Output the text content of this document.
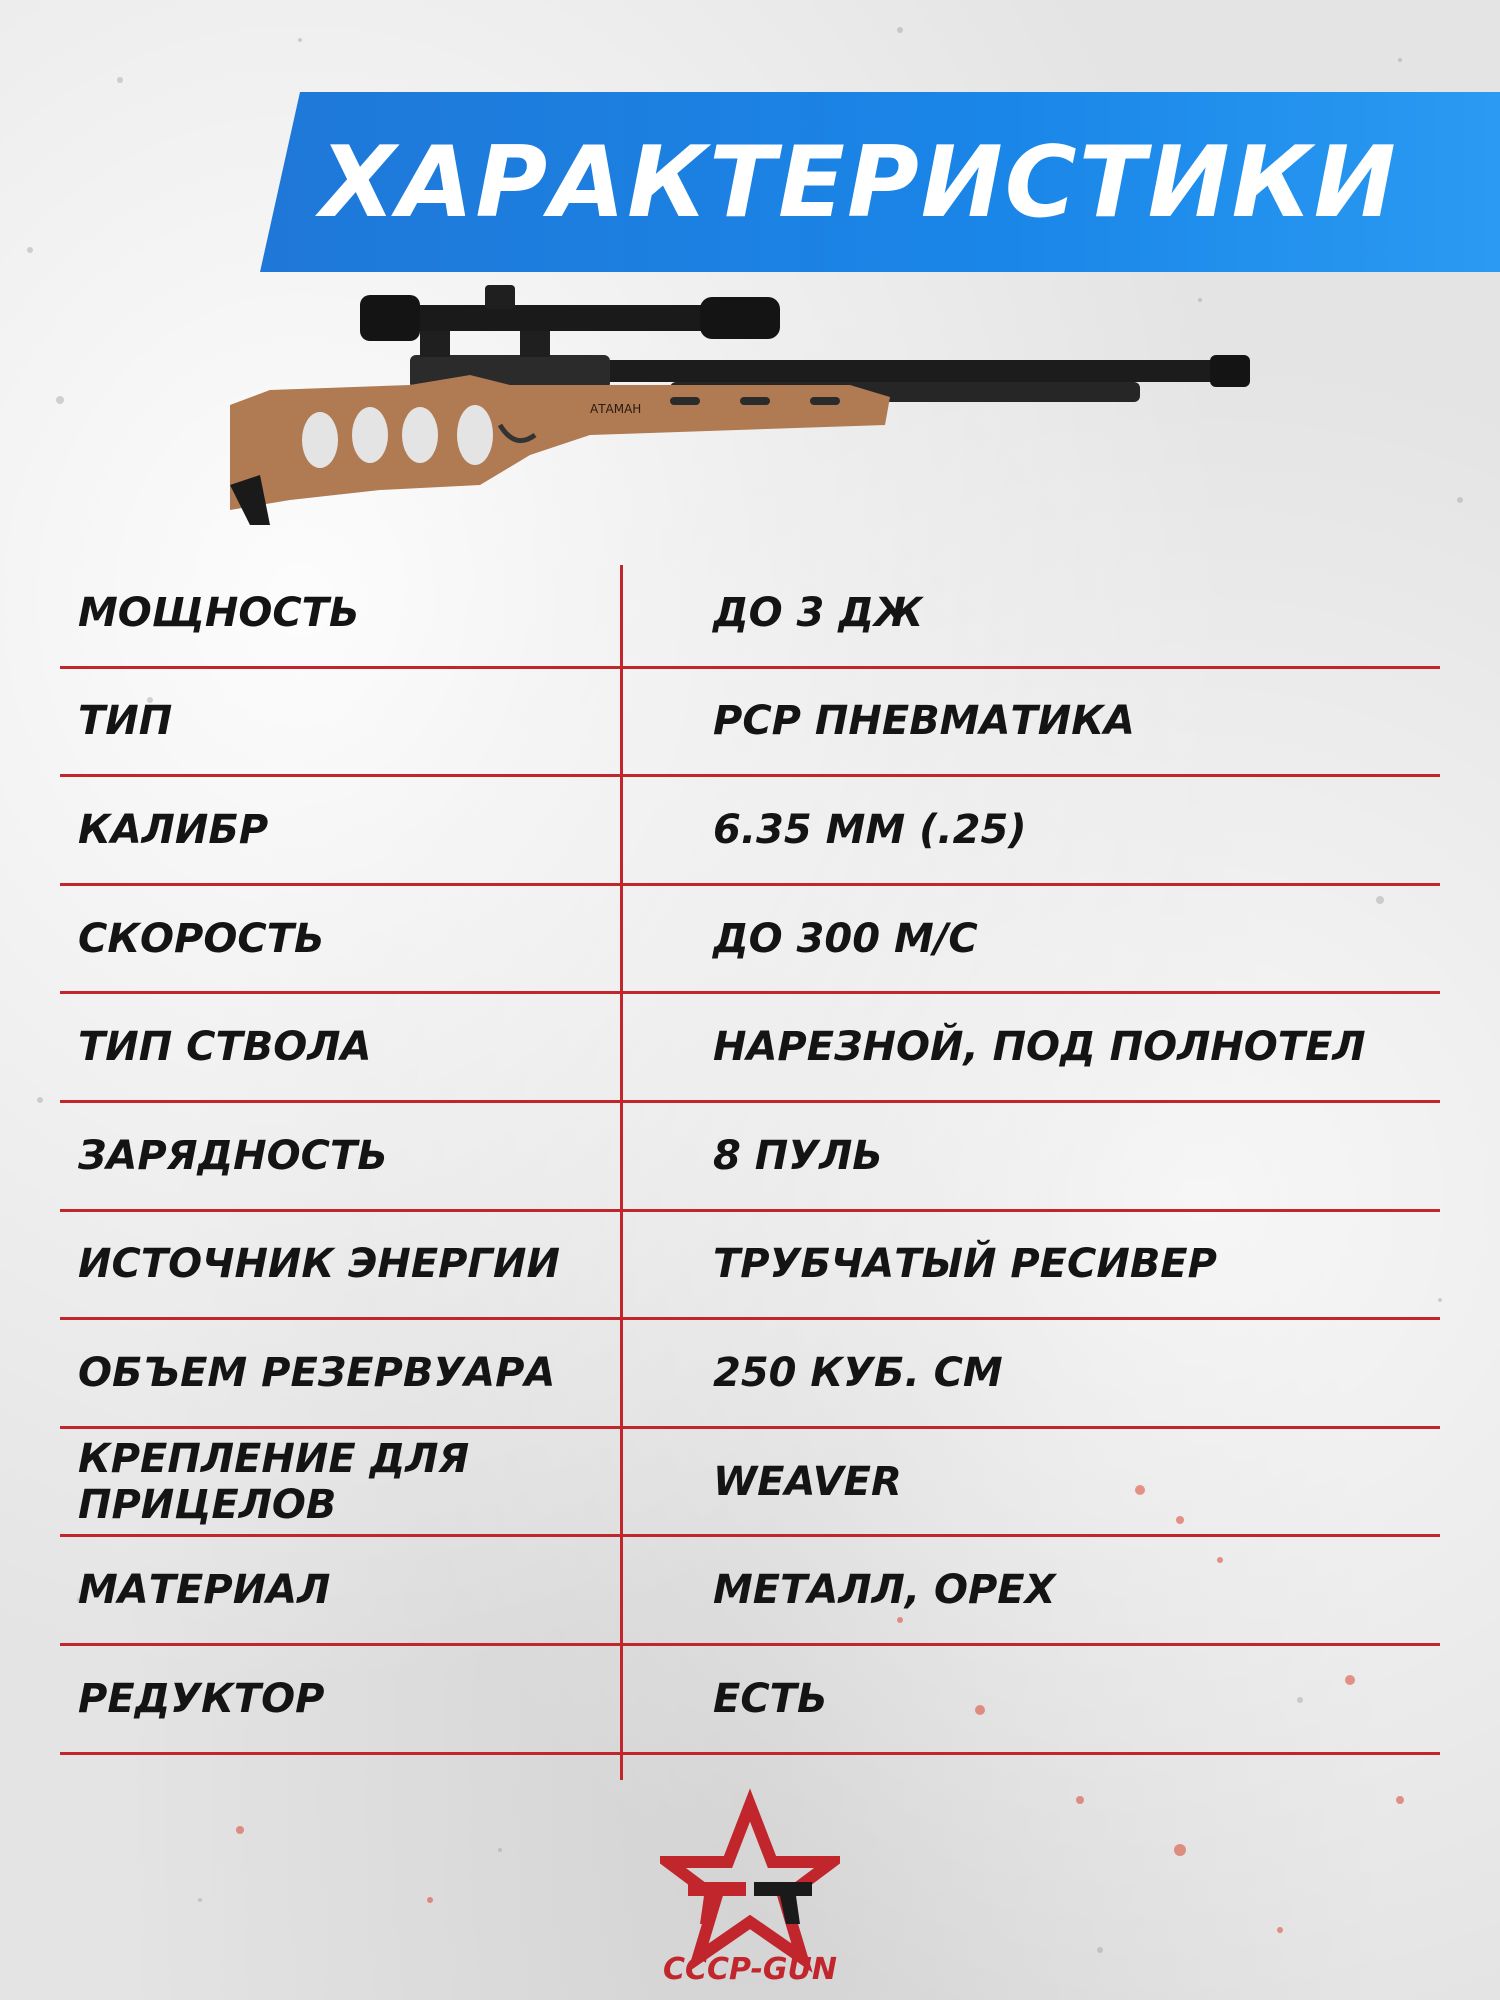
ХАРАКТЕРИСТИКИ
АТАМАН
МОЩНОСТЬ	ДО 3 ДЖ
ТИП	PCP ПНЕВМАТИКА
КАЛИБР	6.35 ММ (.25)
СКОРОСТЬ	ДО 300 М/С
ТИП СТВОЛА	НАРЕЗНОЙ, ПОД ПОЛНОТЕЛ
ЗАРЯДНОСТЬ	8 ПУЛЬ
ИСТОЧНИК ЭНЕРГИИ	ТРУБЧАТЫЙ РЕСИВЕР
ОБЪЕМ РЕЗЕРВУАРА	250 КУБ. СМ
КРЕПЛЕНИЕ ДЛЯ ПРИЦЕЛОВ	WEAVER
МАТЕРИАЛ	МЕТАЛЛ, ОРЕХ
РЕДУКТОР	ЕСТЬ
CCCP-GUN
